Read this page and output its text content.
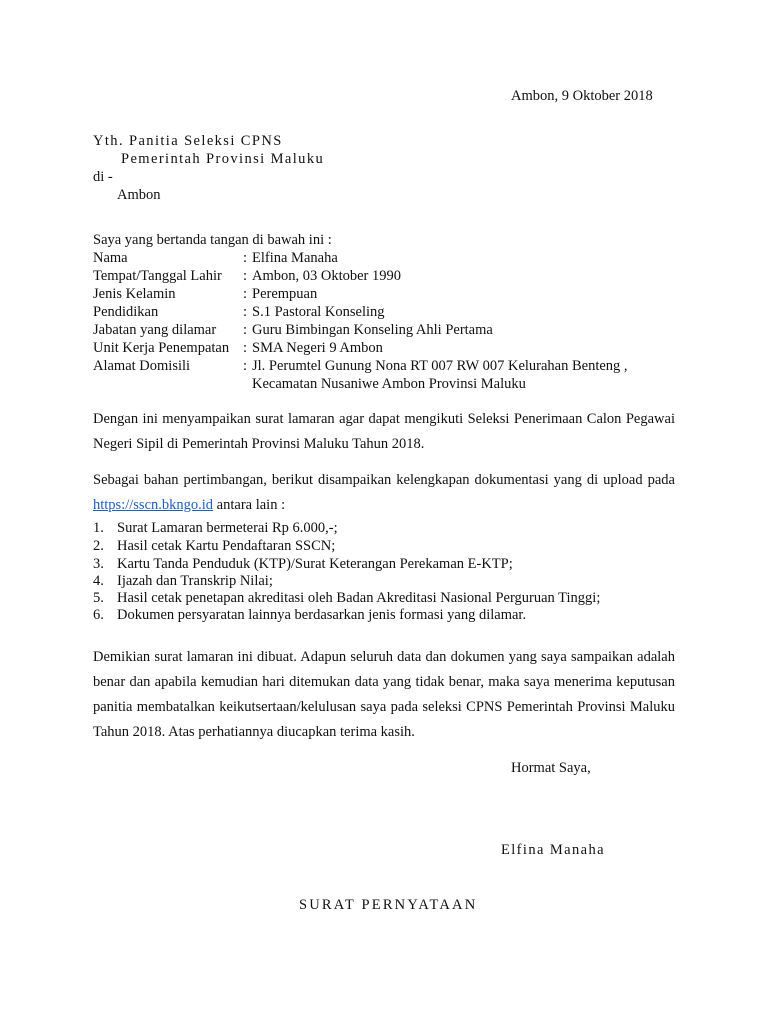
Ambon, 9 Oktober 2018
Yth. Panitia Seleksi CPNS
Pemerintah Provinsi Maluku
di -
Ambon
Saya yang bertanda tangan di bawah ini :
Nama	: Elfina Manaha
Tempat/Tanggal Lahir : Ambon, 03 Oktober 1990
Jenis Kelamin	: Perempuan
Pendidikan	: S.1 Pastoral Konseling
Jabatan yang dilamar : Guru Bimbingan Konseling Ahli Pertama
Unit Kerja Penempatan : SMA Negeri 9 Ambon
Alamat Domisili	: Jl. Perumtel Gunung Nona RT 007 RW 007 Kelurahan Benteng ,
Kecamatan Nusaniwe Ambon Provinsi Maluku
Dengan ini menyampaikan surat lamaran agar dapat mengikuti Seleksi Penerimaan Calon Pegawai Negeri Sipil di Pemerintah Provinsi Maluku Tahun 2018.
Sebagai bahan pertimbangan, berikut disampaikan kelengkapan dokumentasi yang di upload pada https://sscn.bkngo.id antara lain :
1. Surat Lamaran bermeterai Rp 6.000,-;
2. Hasil cetak Kartu Pendaftaran SSCN;
3. Kartu Tanda Penduduk (KTP)/Surat Keterangan Perekaman E-KTP;
4. Ijazah dan Transkrip Nilai;
5. Hasil cetak penetapan akreditasi oleh Badan Akreditasi Nasional Perguruan Tinggi;
6. Dokumen persyaratan lainnya berdasarkan jenis formasi yang dilamar.
Demikian surat lamaran ini dibuat. Adapun seluruh data dan dokumen yang saya sampaikan adalah benar dan apabila kemudian hari ditemukan data yang tidak benar, maka saya menerima keputusan panitia membatalkan keikutsertaan/kelulusan saya pada seleksi CPNS Pemerintah Provinsi Maluku Tahun 2018. Atas perhatiannya diucapkan terima kasih.
Hormat Saya,
Elfina Manaha
SURAT PERNYATAAN
